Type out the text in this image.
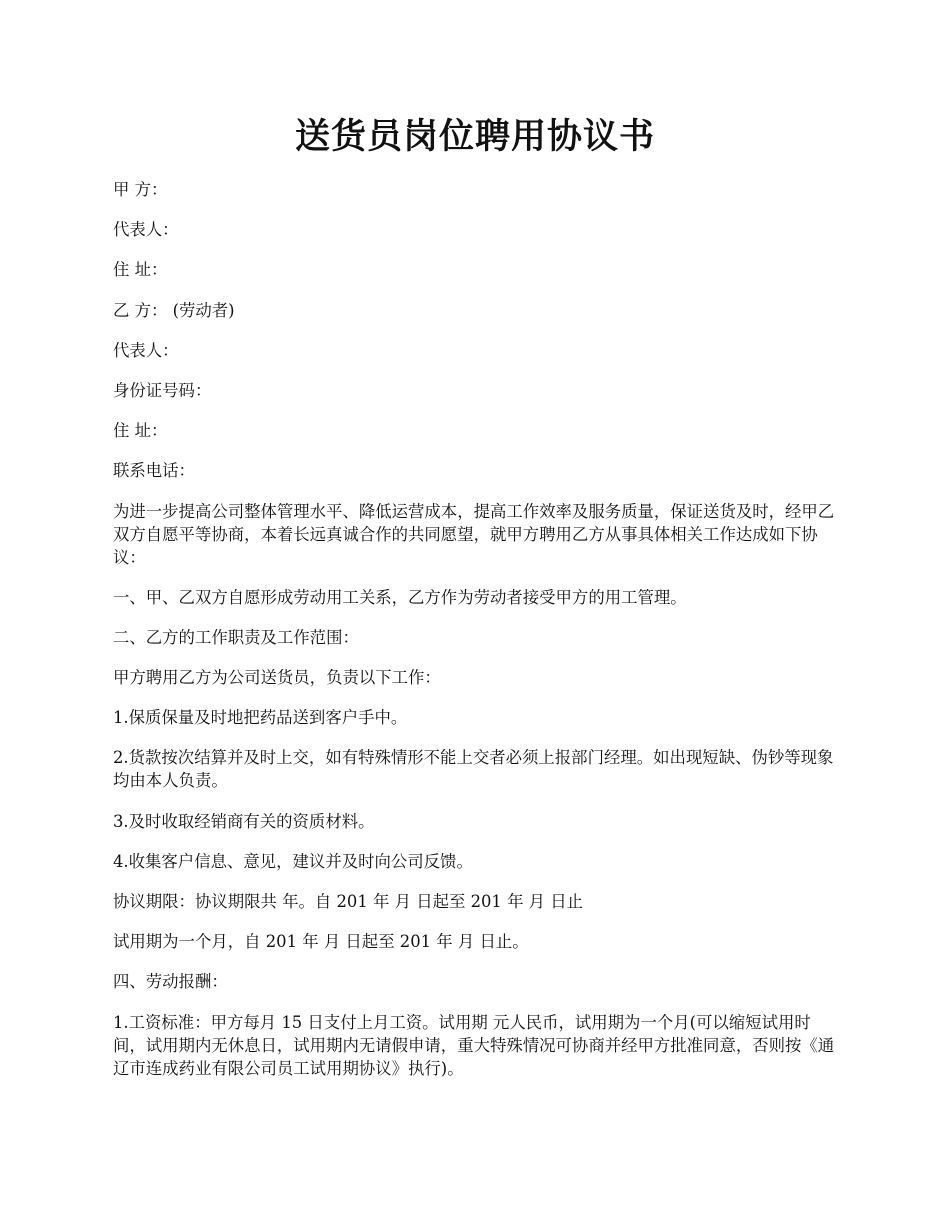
送货员岗位聘用协议书

甲 方：

代表人：

住 址：

乙 方： (劳动者)

代表人：

身份证号码：

住 址：

联系电话：

为进一步提高公司整体管理水平、降低运营成本，提高工作效率及服务质量，保证送货及时，经甲乙双方自愿平等协商，本着长远真诚合作的共同愿望，就甲方聘用乙方从事具体相关工作达成如下协议：

一、甲、乙双方自愿形成劳动用工关系，乙方作为劳动者接受甲方的用工管理。

二、乙方的工作职责及工作范围：

甲方聘用乙方为公司送货员，负责以下工作：

1.保质保量及时地把药品送到客户手中。

2.货款按次结算并及时上交，如有特殊情形不能上交者必须上报部门经理。如出现短缺、伪钞等现象均由本人负责。

3.及时收取经销商有关的资质材料。

4.收集客户信息、意见，建议并及时向公司反馈。

协议期限：协议期限共 年。自 201 年 月 日起至 201 年 月 日止

试用期为一个月，自 201 年 月 日起至 201 年 月 日止。

四、劳动报酬：

1.工资标准：甲方每月 15 日支付上月工资。试用期 元人民币，试用期为一个月(可以缩短试用时间，试用期内无休息日，试用期内无请假申请，重大特殊情况可协商并经甲方批准同意，否则按《通辽市连成药业有限公司员工试用期协议》执行)。
